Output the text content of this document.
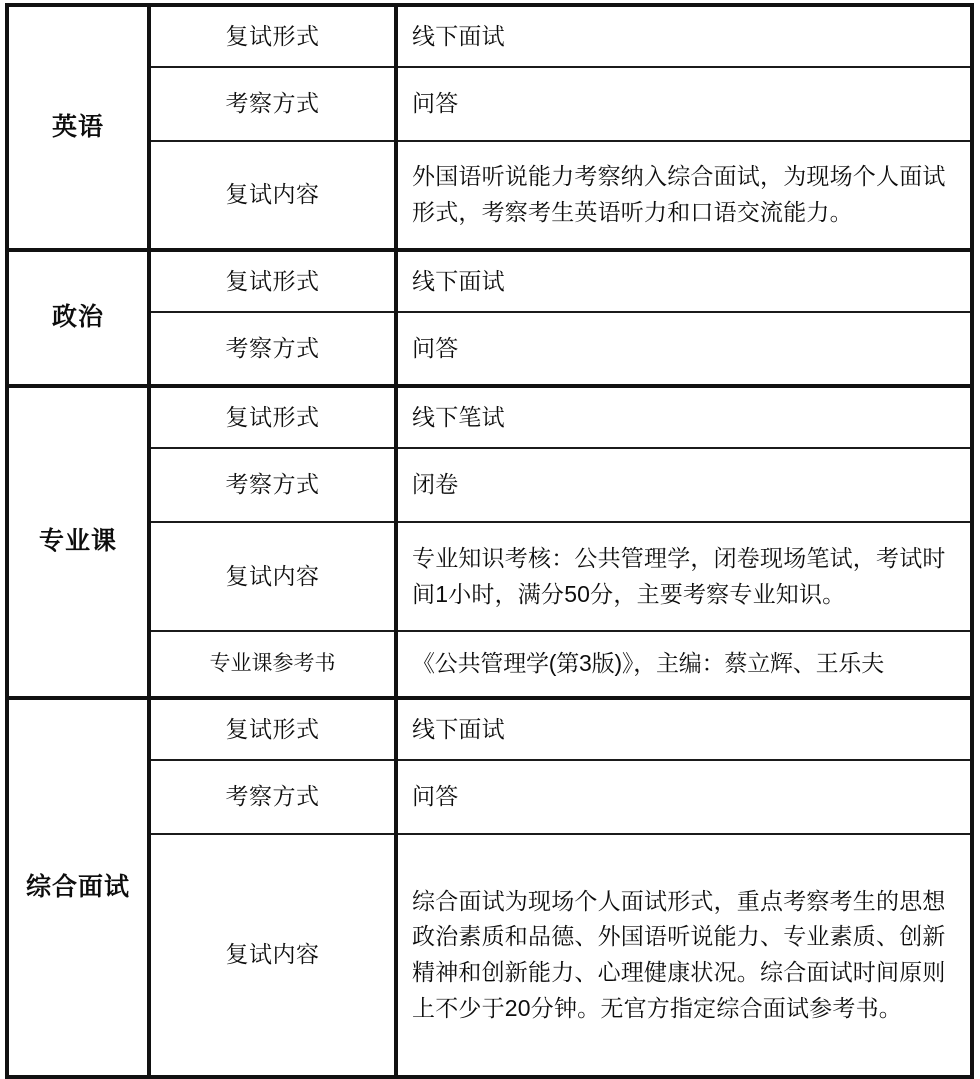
英语	复试形式	线下面试
	考察方式	问答
	复试内容	外国语听说能力考察纳入综合面试，为现场个人面试形式，考察考生英语听力和口语交流能力。
政治	复试形式	线下面试
	考察方式	问答
专业课	复试形式	线下笔试
	考察方式	闭卷
	复试内容	专业知识考核：公共管理学，闭卷现场笔试，考试时间1小时，满分50分，主要考察专业知识。
	专业课参考书	《公共管理学(第3版)》，主编：蔡立辉、王乐夫
综合面试	复试形式	线下面试
	考察方式	问答
	复试内容	综合面试为现场个人面试形式，重点考察考生的思想政治素质和品德、外国语听说能力、专业素质、创新精神和创新能力、心理健康状况。综合面试时间原则上不少于20分钟。无官方指定综合面试参考书。
